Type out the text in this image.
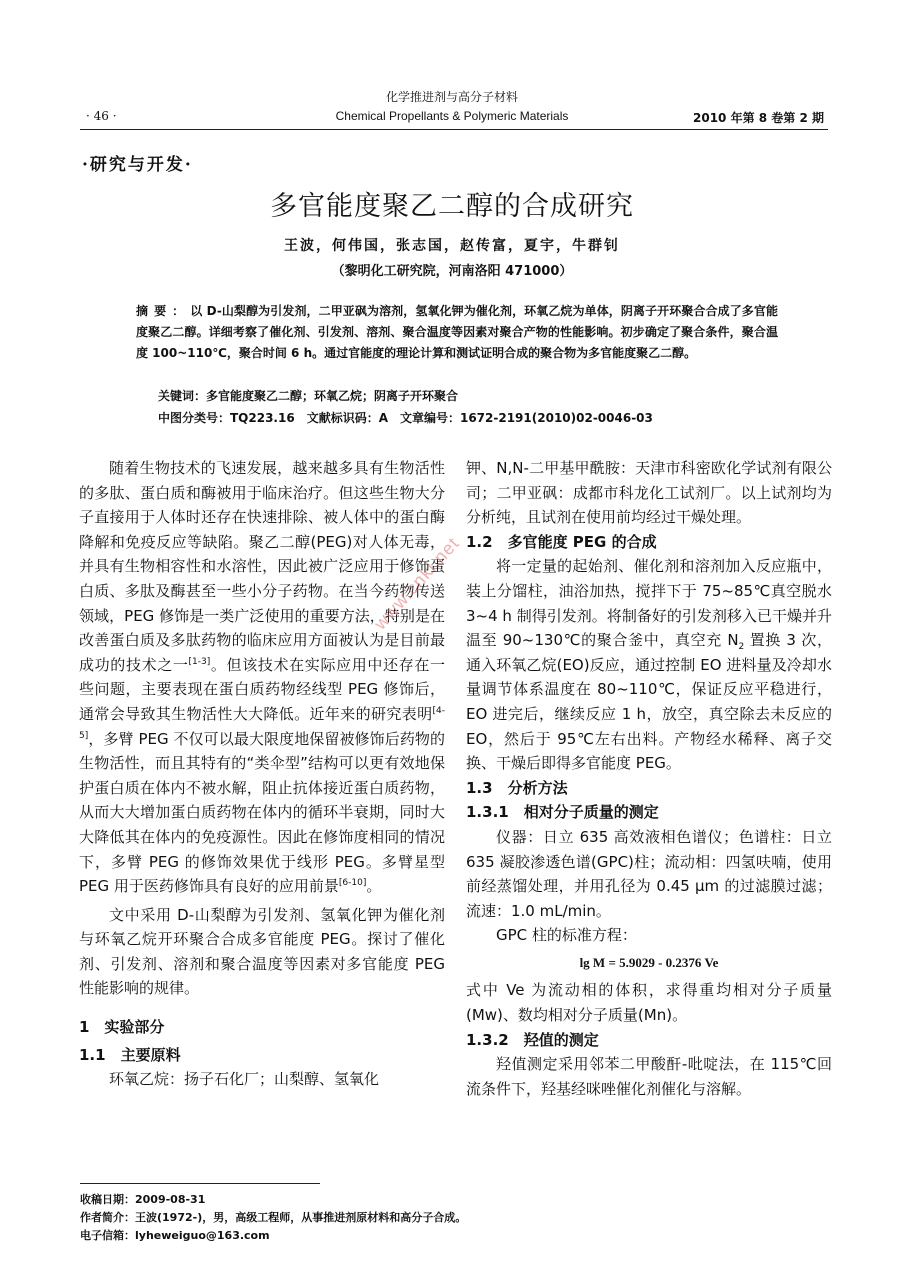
化学推进剂与高分子材料
· 46 ·	Chemical Propellants & Polymeric Materials	2010 年第 8 卷第 2 期
·研究与开发·
多官能度聚乙二醇的合成研究
王波，何伟国，张志国，赵传富，夏宇，牛群钊
（黎明化工研究院，河南洛阳 471000）
摘要：以 D-山梨醇为引发剂，二甲亚砜为溶剂，氢氧化钾为催化剂，环氧乙烷为单体，阴离子开环聚合合成了多官能度聚乙二醇。详细考察了催化剂、引发剂、溶剂、聚合温度等因素对聚合产物的性能影响。初步确定了聚合条件，聚合温度 100~110℃，聚合时间 6 h。通过官能度的理论计算和测试证明合成的聚合物为多官能度聚乙二醇。
关键词：多官能度聚乙二醇；环氧乙烷；阴离子开环聚合
中图分类号：TQ223.16　文献标识码：A　文章编号：1672-2191(2010)02-0046-03

随着生物技术的飞速发展，越来越多具有生物活性的多肽、蛋白质和酶被用于临床治疗。但这些生物大分子直接用于人体时还存在快速排除、被人体中的蛋白酶降解和免疫反应等缺陷。聚乙二醇(PEG)对人体无毒，并具有生物相容性和水溶性，因此被广泛应用于修饰蛋白质、多肽及酶甚至一些小分子药物。在当今药物传送领域，PEG 修饰是一类广泛使用的重要方法，特别是在改善蛋白质及多肽药物的临床应用方面被认为是目前最成功的技术之一[1-3]。但该技术在实际应用中还存在一些问题，主要表现在蛋白质药物经线型 PEG 修饰后，通常会导致其生物活性大大降低。近年来的研究表明[4-5]，多臂 PEG 不仅可以最大限度地保留被修饰后药物的生物活性，而且其特有的“类伞型”结构可以更有效地保护蛋白质在体内不被水解，阻止抗体接近蛋白质药物，从而大大增加蛋白质药物在体内的循环半衰期，同时大大降低其在体内的免疫源性。因此在修饰度相同的情况下，多臂 PEG 的修饰效果优于线形 PEG。多臂星型 PEG 用于医药修饰具有良好的应用前景[6-10]。

文中采用 D-山梨醇为引发剂、氢氧化钾为催化剂与环氧乙烷开环聚合合成多官能度 PEG。探讨了催化剂、引发剂、溶剂和聚合温度等因素对多官能度 PEG 性能影响的规律。

1　实验部分

1.1　主要原料

环氧乙烷：扬子石化厂；山梨醇、氢氧化

钾、N,N-二甲基甲酰胺：天津市科密欧化学试剂有限公司；二甲亚砜：成都市科龙化工试剂厂。以上试剂均为分析纯，且试剂在使用前均经过干燥处理。

1.2　多官能度 PEG 的合成

将一定量的起始剂、催化剂和溶剂加入反应瓶中，装上分馏柱，油浴加热，搅拌下于 75~85℃真空脱水 3~4 h 制得引发剂。将制备好的引发剂移入已干燥并升温至 90~130℃的聚合釜中，真空充 $N_2$ 置换 3 次，通入环氧乙烷(EO)反应，通过控制 EO 进料量及冷却水量调节体系温度在 80~110℃，保证反应平稳进行，EO 进完后，继续反应 1 h，放空，真空除去未反应的 EO，然后于 95℃左右出料。产物经水稀释、离子交换、干燥后即得多官能度 PEG。

1.3　分析方法

1.3.1　相对分子质量的测定

仪器：日立 635 高效液相色谱仪；色谱柱：日立 635 凝胶渗透色谱(GPC)柱；流动相：四氢呋喃，使用前经蒸馏处理，并用孔径为 0.45 μm 的过滤膜过滤；流速：1.0 mL/min。

GPC 柱的标准方程：

lg M = 5.9029 - 0.2376 Ve

式中 Ve 为流动相的体积，求得重均相对分子质量(Mw)、数均相对分子质量(Mn)。

1.3.2　羟值的测定

羟值测定采用邻苯二甲酸酐-吡啶法，在 115℃回流条件下，羟基经咪唑催化剂催化与溶解。

收稿日期：2009-08-31
作者简介：王波(1972-)，男，高级工程师，从事推进剂原材料和高分子合成。
电子信箱：lyheweiguo@163.com
www.cnki.net
